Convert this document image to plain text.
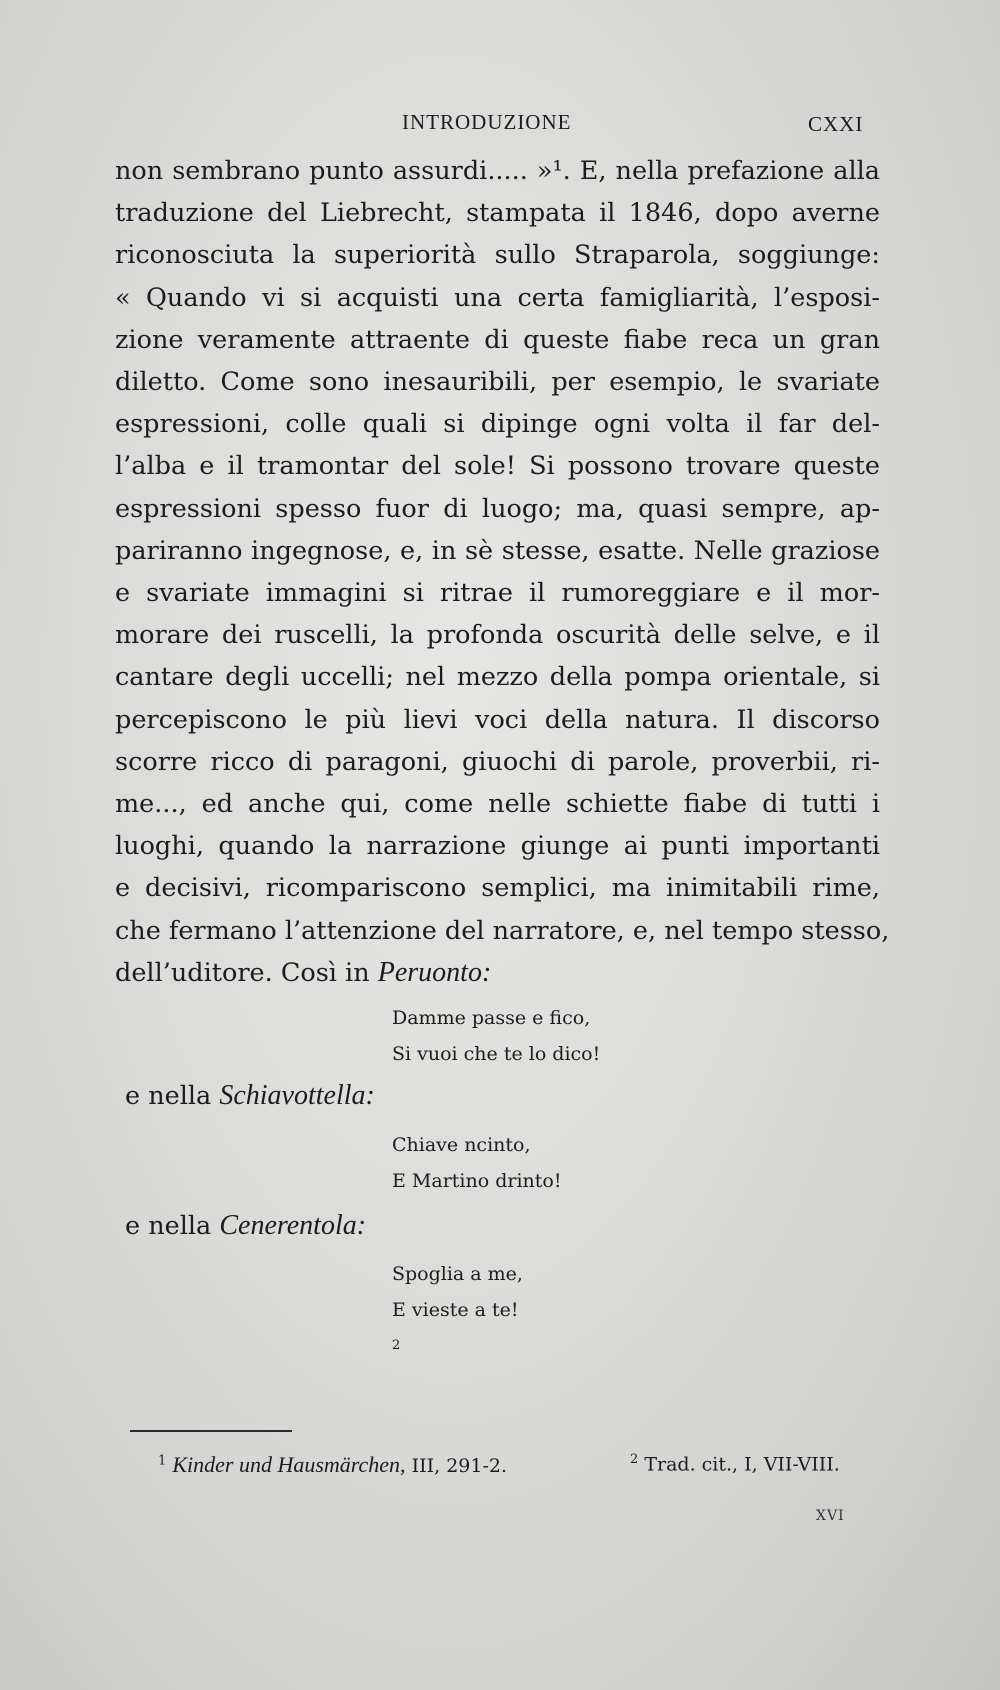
INTRODUZIONE	CXXI
non sembrano punto assurdi..... »¹. E, nella prefazione alla
traduzione del Liebrecht, stampata il 1846, dopo averne
riconosciuta la superiorità sullo Straparola, soggiunge:
« Quando vi si acquisti una certa famigliarità, l’esposi-
zione veramente attraente di queste fiabe reca un gran
diletto. Come sono inesauribili, per esempio, le svariate
espressioni, colle quali si dipinge ogni volta il far del-
l’alba e il tramontar del sole! Si possono trovare queste
espressioni spesso fuor di luogo; ma, quasi sempre, ap-
pariranno ingegnose, e, in sè stesse, esatte. Nelle graziose
e svariate immagini si ritrae il rumoreggiare e il mor-
morare dei ruscelli, la profonda oscurità delle selve, e il
cantare degli uccelli; nel mezzo della pompa orientale, si
percepiscono le più lievi voci della natura. Il discorso
scorre ricco di paragoni, giuochi di parole, proverbii, ri-
me..., ed anche qui, come nelle schiette fiabe di tutti i
luoghi, quando la narrazione giunge ai punti importanti
e decisivi, ricompariscono semplici, ma inimitabili rime,
che fermano l’attenzione del narratore, e, nel tempo stesso,
dell’uditore. Così in Peruonto:
Damme passe e fico,
Si vuoi che te lo dico!
e nella Schiavottella:
Chiave ncinto,
E Martino drinto!
e nella Cenerentola:
Spoglia a me,
E vieste a te!
$^2$
$^1$ Kinder und Hausmärchen, III, 291-2.	$^2$ Trad. cit., I, VII-VIII.
XVI
